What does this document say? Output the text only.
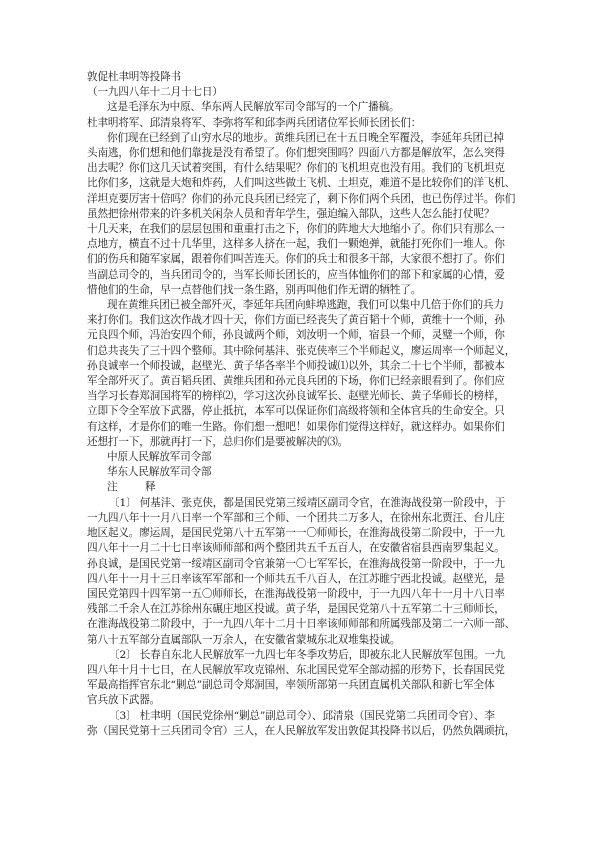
敦促杜聿明等投降书
（一九四八年十二月十七日）
这是毛泽东为中原、华东两人民解放军司令部写的一个广播稿。
杜聿明将军、邱清泉将军、李弥将军和邱李两兵团诸位军长师长团长们：
你们现在已经到了山穷水尽的地步。黄维兵团已在十五日晚全军覆没，李延年兵团已掉
头南逃，你们想和他们靠拢是没有希望了。你们想突围吗？四面八方都是解放军，怎么突得
出去呢？你们这几天试着突围，有什么结果呢？你们的飞机坦克也没有用。我们的飞机坦克
比你们多，这就是大炮和炸药，人们叫这些做土飞机、土坦克，难道不是比较你们的洋飞机、
洋坦克要厉害十倍吗？你们的孙元良兵团已经完了，剩下你们两个兵团，也已伤俘过半。你们
虽然把徐州带来的许多机关闲杂人员和青年学生，强迫编入部队，这些人怎么能打仗呢？
十几天来，在我们的层层包围和重重打击之下，你们的阵地大大地缩小了。你们只有那么一
点地方，横直不过十几华里，这样多人挤在一起，我们一颗炮弹，就能打死你们一堆人。你
们的伤兵和随军家属，跟着你们叫苦连天。你们的兵士和很多干部，大家很不想打了。你们
当副总司令的，当兵团司令的，当军长师长团长的，应当体恤你们的部下和家属的心情，爱
惜他们的生命，早一点替他们找一条生路，别再叫他们作无谓的牺牲了。
现在黄维兵团已被全部歼灭，李延年兵团向蚌埠逃跑，我们可以集中几倍于你们的兵力
来打你们。我们这次作战才四十天，你们方面已经丧失了黄百韬十个师，黄维十一个师，孙
元良四个师，冯治安四个师，孙良诚两个师，刘汝明一个师，宿县一个师，灵璧一个师，你
们总共丧失了三十四个整师。其中除何基沣、张克侠率三个半师起义，廖运周率一个师起义，
孙良诚率一个师投诚，赵壁光、黄子华各率半个师投诚⑴以外，其余二十七个半师，都被本
军全部歼灭了。黄百韬兵团、黄维兵团和孙元良兵团的下场，你们已经亲眼看到了。你们应
当学习长春郑洞国将军的榜样⑵，学习这次孙良诚军长、赵壁光师长、黄子华师长的榜样，
立即下令全军放下武器，停止抵抗，本军可以保证你们高级将领和全体官兵的生命安全。只
有这样，才是你们的唯一生路。你们想一想吧！如果你们觉得这样好，就这样办。如果你们
还想打一下，那就再打一下，总归你们是要被解决的⑶。
中原人民解放军司令部
华东人民解放军司令部
注 释
〔1〕 何基沣、张克侠，都是国民党第三绥靖区副司令官，在淮海战役第一阶段中，于
一九四八年十一月八日率一个军部和三个师、一个团共二万多人，在徐州东北贾汪、台儿庄
地区起义。廖运周，是国民党第八十五军第一一〇师师长，在淮海战役第二阶段中，于一九
四八年十一月二十七日率该师师部和两个整团共五千五百人，在安徽省宿县西南罗集起义。
孙良诚，是国民党第一绥靖区副司令官兼第一〇七军军长，在淮海战役第一阶段中，于一九
四八年十一月十三日率该军军部和一个师共五千八百人，在江苏睢宁西北投诚。赵壁光，是
国民党第四十四军第一五〇师师长，在淮海战役第一阶段中，于一九四八年十一月十八日率
残部二千余人在江苏徐州东碾庄地区投诚。黄子华，是国民党第八十五军第二十三师师长，
在淮海战役第二阶段中，于一九四八年十二月十日率该师师部和所属残部及第二一六师一部、
第八十五军部分直属部队一万余人，在安徽省蒙城东北双堆集投诚。
〔2〕 长春自东北人民解放军一九四七年冬季攻势后，即被东北人民解放军包围。一九
四八年十月十七日，在人民解放军攻克锦州、东北国民党军全部动摇的形势下，长春国民党
军最高指挥官东北“剿总”副总司令郑洞国，率领所部第一兵团直属机关部队和新七军全体
官兵放下武器。
〔3〕 杜聿明（国民党徐州“剿总”副总司令）、邱清泉（国民党第二兵团司令官）、李
弥（国民党第十三兵团司令官）三人，在人民解放军发出敦促其投降书以后，仍然负隅顽抗，
